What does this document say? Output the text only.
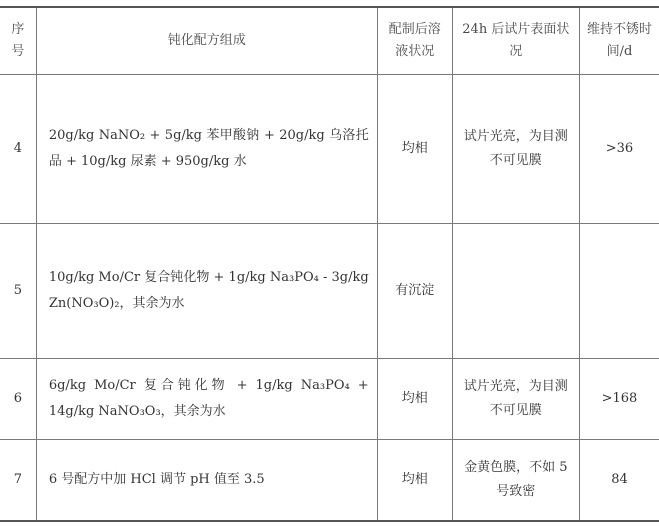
序号	钝化配方组成	配制后溶液状况	24h 后试片表面状况	维持不锈时间/d
4	20g/kg NaNO₂ + 5g/kg 苯甲酸钠 + 20g/kg 乌洛托品 + 10g/kg 尿素 + 950g/kg 水	均相	试片光亮，为目测不可见膜	>36
5	10g/kg Mo/Cr 复合钝化物 + 1g/kg Na₃PO₄ - 3g/kg Zn(NO₃O)₂，其余为水	有沉淀		
6	6g/kg Mo/Cr 复合钝化物 + 1g/kg Na₃PO₄ + 14g/kg NaNO₃O₃，其余为水	均相	试片光亮，为目测不可见膜	>168
7	6 号配方中加 HCl 调节 pH 值至 3.5	均相	金黄色膜，不如 5 号致密	84
